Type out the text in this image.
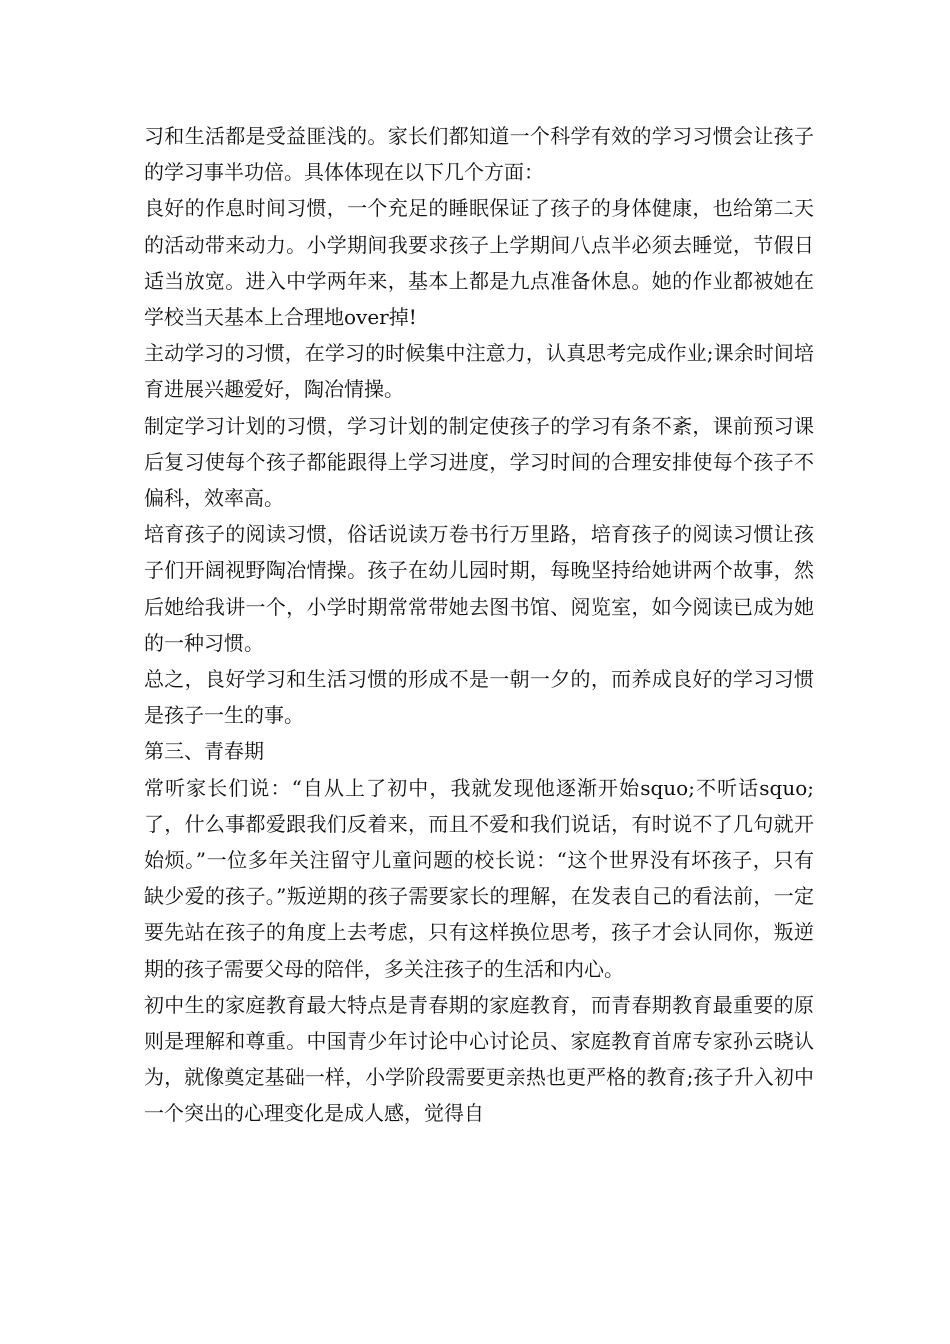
习和生活都是受益匪浅的。家长们都知道一个科学有效的学习习惯会让孩子的学习事半功倍。具体体现在以下几个方面：

良好的作息时间习惯，一个充足的睡眠保证了孩子的身体健康，也给第二天的活动带来动力。小学期间我要求孩子上学期间八点半必须去睡觉，节假日适当放宽。进入中学两年来，基本上都是九点准备休息。她的作业都被她在学校当天基本上合理地over掉!

主动学习的习惯，在学习的时候集中注意力，认真思考完成作业;课余时间培育进展兴趣爱好，陶冶情操。

制定学习计划的习惯，学习计划的制定使孩子的学习有条不紊，课前预习课后复习使每个孩子都能跟得上学习进度，学习时间的合理安排使每个孩子不偏科，效率高。

培育孩子的阅读习惯，俗话说读万卷书行万里路，培育孩子的阅读习惯让孩子们开阔视野陶冶情操。孩子在幼儿园时期，每晚坚持给她讲两个故事，然后她给我讲一个，小学时期常常带她去图书馆、阅览室，如今阅读已成为她的一种习惯。

总之，良好学习和生活习惯的形成不是一朝一夕的，而养成良好的学习习惯是孩子一生的事。

第三、青春期

常听家长们说：“自从上了初中，我就发现他逐渐开始squo;不听话squo;了，什么事都爱跟我们反着来，而且不爱和我们说话，有时说不了几句就开始烦。”一位多年关注留守儿童问题的校长说：“这个世界没有坏孩子，只有缺少爱的孩子。”叛逆期的孩子需要家长的理解，在发表自己的看法前，一定要先站在孩子的角度上去考虑，只有这样换位思考，孩子才会认同你，叛逆期的孩子需要父母的陪伴，多关注孩子的生活和内心。

初中生的家庭教育最大特点是青春期的家庭教育，而青春期教育最重要的原则是理解和尊重。中国青少年讨论中心讨论员、家庭教育首席专家孙云晓认为，就像奠定基础一样，小学阶段需要更亲热也更严格的教育;孩子升入初中一个突出的心理变化是成人感，觉得自
